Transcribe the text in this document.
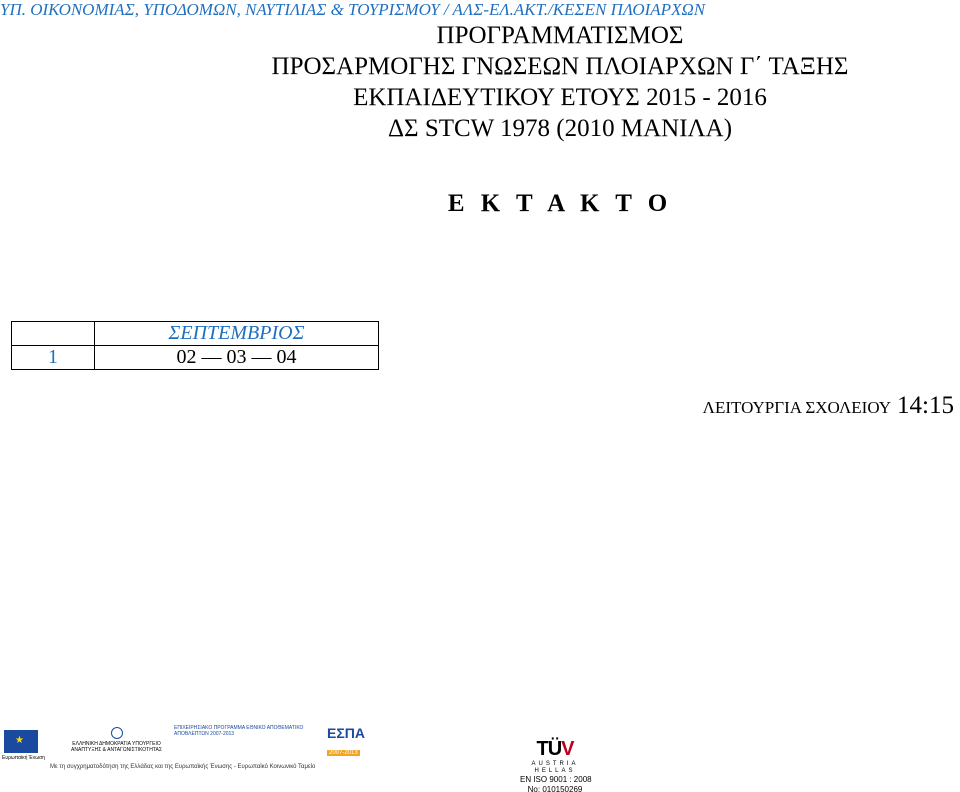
ΥΠ. ΟΙΚΟΝΟΜΙΑΣ, ΥΠΟΔΟΜΩΝ, ΝΑΥΤΙΛΙΑΣ & ΤΟΥΡΙΣΜΟΥ / ΑΛΣ-ΕΛ.ΑΚΤ./ΚΕΣΕΝ ΠΛΟΙΑΡΧΩΝ
ΠΡΟΓΡΑΜΜΑΤΙΣΜΟΣ
ΠΡΟΣΑΡΜΟΓΗΣ ΓΝΩΣΕΩΝ ΠΛΟΙΑΡΧΩΝ Γ΄ ΤΑΞΗΣ
ΕΚΠΑΙΔΕΥΤΙΚΟΥ ΕΤΟΥΣ 2015 - 2016
ΔΣ STCW 1978 (2010 ΜΑΝΙΛΑ)
Ε Κ Τ Α Κ Τ Ο
	ΣΕΠΤΕΜΒΡΙΟΣ
1	02 — 03 — 04
ΛΕΙΤΟΥΡΓΙΑ ΣΧΟΛΕΙΟΥ 14:15
★
Ευρωπαϊκή Ένωση
ΕΛΛΗΝΙΚΗ ΔΗΜΟΚΡΑΤΙΑ ΥΠΟΥΡΓΕΙΟ ΑΝΑΠΤΥΞΗΣ & ΑΝΤΑΓΩΝΙΣΤΙΚΟΤΗΤΑΣ
ΕΠΙΧΕΙΡΗΣΙΑΚΟ ΠΡΟΓΡΑΜΜΑ ΕΘΝΙΚΟ ΑΠΟΘΕΜΑΤΙΚΟ ΑΠΟΒΛΕΠΤΩΝ 2007-2013	ΕΣΠΑ
2007-2013
Με τη συγχρηματοδότηση της Ελλάδας και της Ευρωπαϊκής Ένωσης - Ευρωπαϊκό Κοινωνικό Ταμείο
TÜV
AUSTRIA HELLAS
EN ISO 9001 : 2008
No: 010150269
